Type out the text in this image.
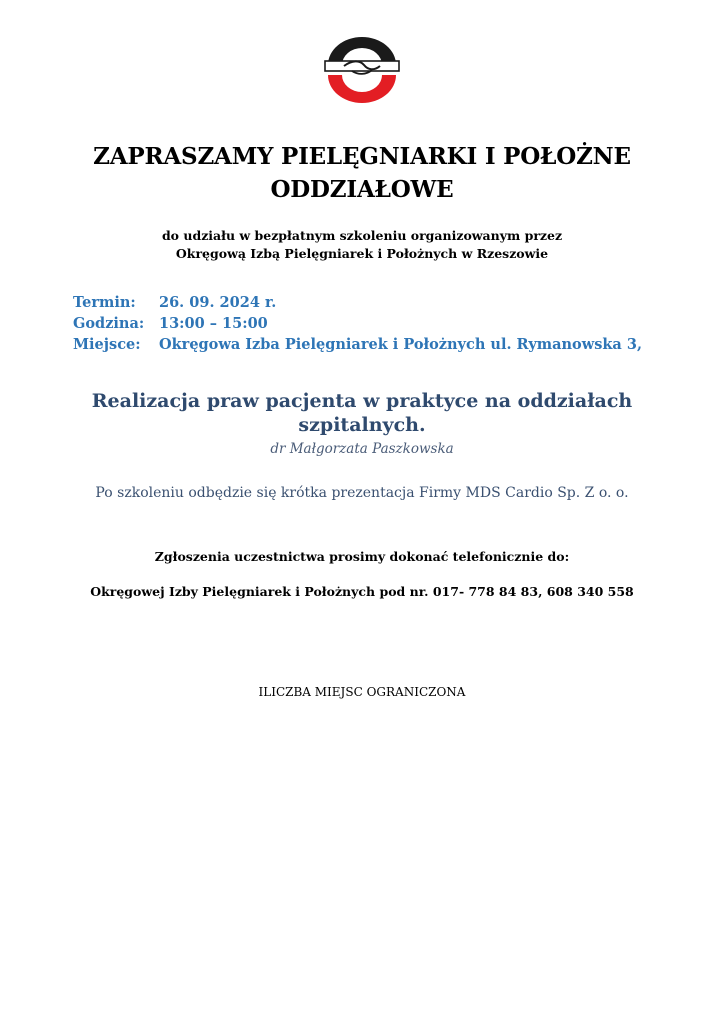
ZAPRASZAMY PIELĘGNIARKI I POŁOŻNE
ODDZIAŁOWE
do udziału w bezpłatnym szkoleniu organizowanym przez
Okręgową Izbą Pielęgniarek i Położnych w Rzeszowie
Termin:	26. 09. 2024 r.
Godzina:	13:00 – 15:00
Miejsce:	Okręgowa Izba Pielęgniarek i Położnych ul. Rymanowska 3,
Realizacja praw pacjenta w praktyce na oddziałach
szpitalnych.
dr Małgorzata Paszkowska
Po szkoleniu odbędzie się krótka prezentacja Firmy MDS Cardio Sp. Z o. o.
Zgłoszenia uczestnictwa prosimy dokonać telefonicznie do:
Okręgowej Izby Pielęgniarek i Położnych pod nr. 017- 778 84 83, 608 340 558
ILICZBA MIEJSC OGRANICZONA
